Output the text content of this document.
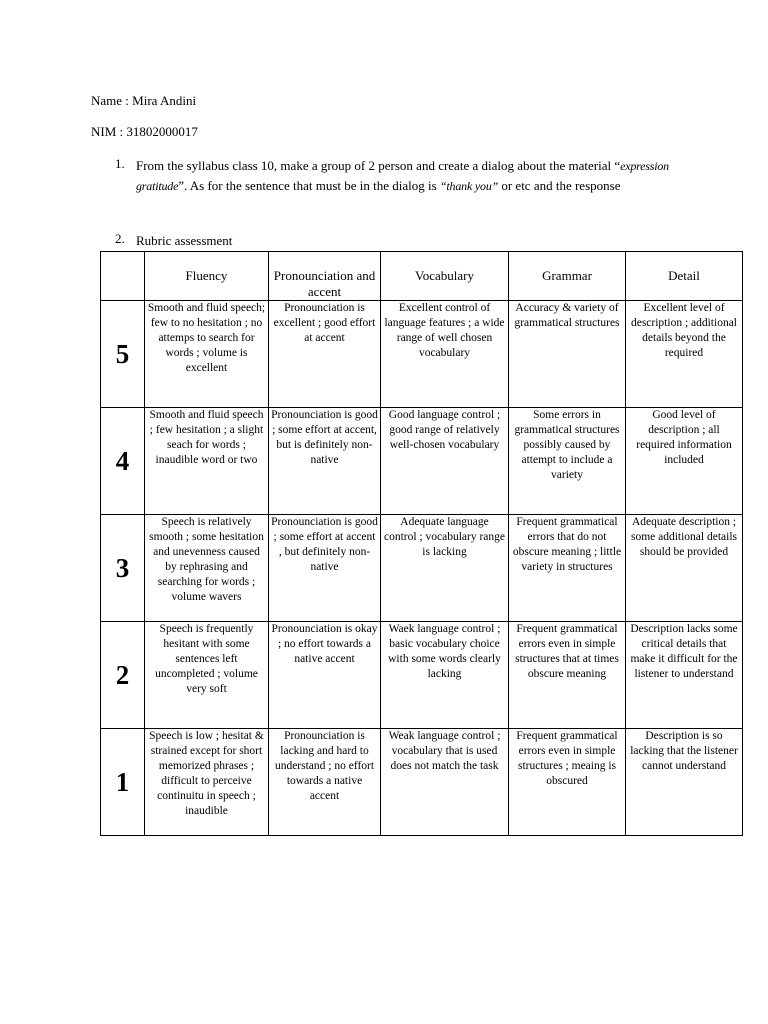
Name : Mira Andini
NIM : 31802000017
1. From the syllabus class 10, make a group of 2 person and create a dialog about the material “expression gratitude”. As for the sentence that must be in the dialog is “thank you” or etc and the response
2. Rubric assessment
	Fluency	Pronounciation and accent	Vocabulary	Grammar	Detail
5	Smooth and fluid speech; few to no hesitation ; no attemps to search for words ; volume is excellent	Pronounciation is excellent ; good effort at accent	Excellent control of language features ; a wide range of well chosen vocabulary	Accuracy & variety of grammatical structures	Excellent level of description ; additional details beyond the required
4	Smooth and fluid speech ; few hesitation ; a slight seach for words ; inaudible word or two	Pronounciation is good ; some effort at accent, but is definitely non-native	Good language control ; good range of relatively well-chosen vocabulary	Some errors in grammatical structures possibly caused by attempt to include a variety	Good level of description ; all required information included
3	Speech is relatively smooth ; some hesitation and unevenness caused by rephrasing and searching for words ; volume wavers	Pronounciation is good ; some effort at accent , but definitely non-native	Adequate language control ; vocabulary range is lacking	Frequent grammatical errors that do not obscure meaning ; little variety in structures	Adequate description ; some additional details should be provided
2	Speech is frequently hesitant with some sentences left uncompleted ; volume very soft	Pronounciation is okay ; no effort towards a native accent	Waek language control ; basic vocabulary choice with some words clearly lacking	Frequent grammatical errors even in simple structures that at times obscure meaning	Description lacks some critical details that make it difficult for the listener to understand
1	Speech is low ; hesitat & strained except for short memorized phrases ; difficult to perceive continuitu in speech ; inaudible	Pronounciation is lacking and hard to understand ; no effort towards a native accent	Weak language control ; vocabulary that is used does not match the task	Frequent grammatical errors even in simple structures ; meaing is obscured	Description is so lacking that the listener cannot understand
